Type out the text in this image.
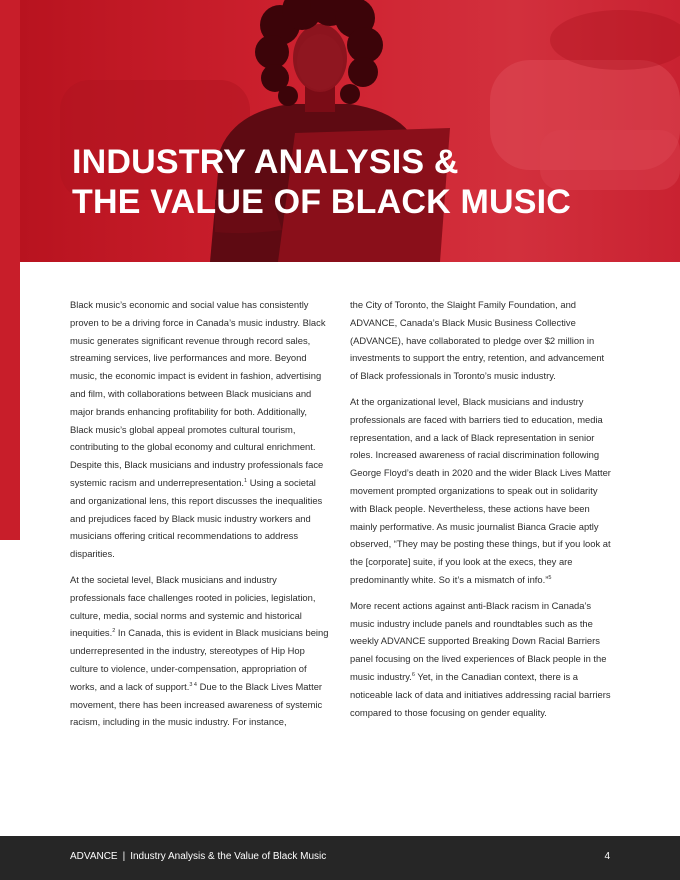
INDUSTRY ANALYSIS &
THE VALUE OF BLACK MUSIC

Black music’s economic and social value has consistently proven to be a driving force in Canada’s music industry. Black music generates significant revenue through record sales, streaming services, live performances and more. Beyond music, the economic impact is evident in fashion, advertising and film, with collaborations between Black musicians and major brands enhancing profitability for both. Additionally, Black music’s global appeal promotes cultural tourism, contributing to the global economy and cultural enrichment. Despite this, Black musicians and industry professionals face systemic racism and underrepresentation.$^1$ Using a societal and organizational lens, this report discusses the inequalities and prejudices faced by Black music industry workers and musicians offering critical recommendations to address disparities.

At the societal level, Black musicians and industry professionals face challenges rooted in policies, legislation, culture, media, social norms and systemic and historical inequities.$^2$ In Canada, this is evident in Black musicians being underrepresented in the industry, stereotypes of Hip Hop culture to violence, under-compensation, appropriation of works, and a lack of support.$^{3 4}$ Due to the Black Lives Matter movement, there has been increased awareness of systemic racism, including in the music industry. For instance,

the City of Toronto, the Slaight Family Foundation, and ADVANCE, Canada’s Black Music Business Collective (ADVANCE), have collaborated to pledge over $2 million in investments to support the entry, retention, and advancement of Black professionals in Toronto’s music industry.

At the organizational level, Black musicians and industry professionals are faced with barriers tied to education, media representation, and a lack of Black representation in senior roles. Increased awareness of racial discrimination following George Floyd’s death in 2020 and the wider Black Lives Matter movement prompted organizations to speak out in solidarity with Black people. Nevertheless, these actions have been mainly performative. As music journalist Bianca Gracie aptly observed, “They may be posting these things, but if you look at the [corporate] suite, if you look at the execs, they are predominantly white. So it’s a mismatch of info.”$^5$

More recent actions against anti-Black racism in Canada’s music industry include panels and roundtables such as the weekly ADVANCE supported Breaking Down Racial Barriers panel focusing on the lived experiences of Black people in the music industry.$^6$ Yet, in the Canadian context, there is a noticeable lack of data and initiatives addressing racial barriers compared to those focusing on gender equality.

ADVANCE | Industry Analysis & the Value of Black Music	4
